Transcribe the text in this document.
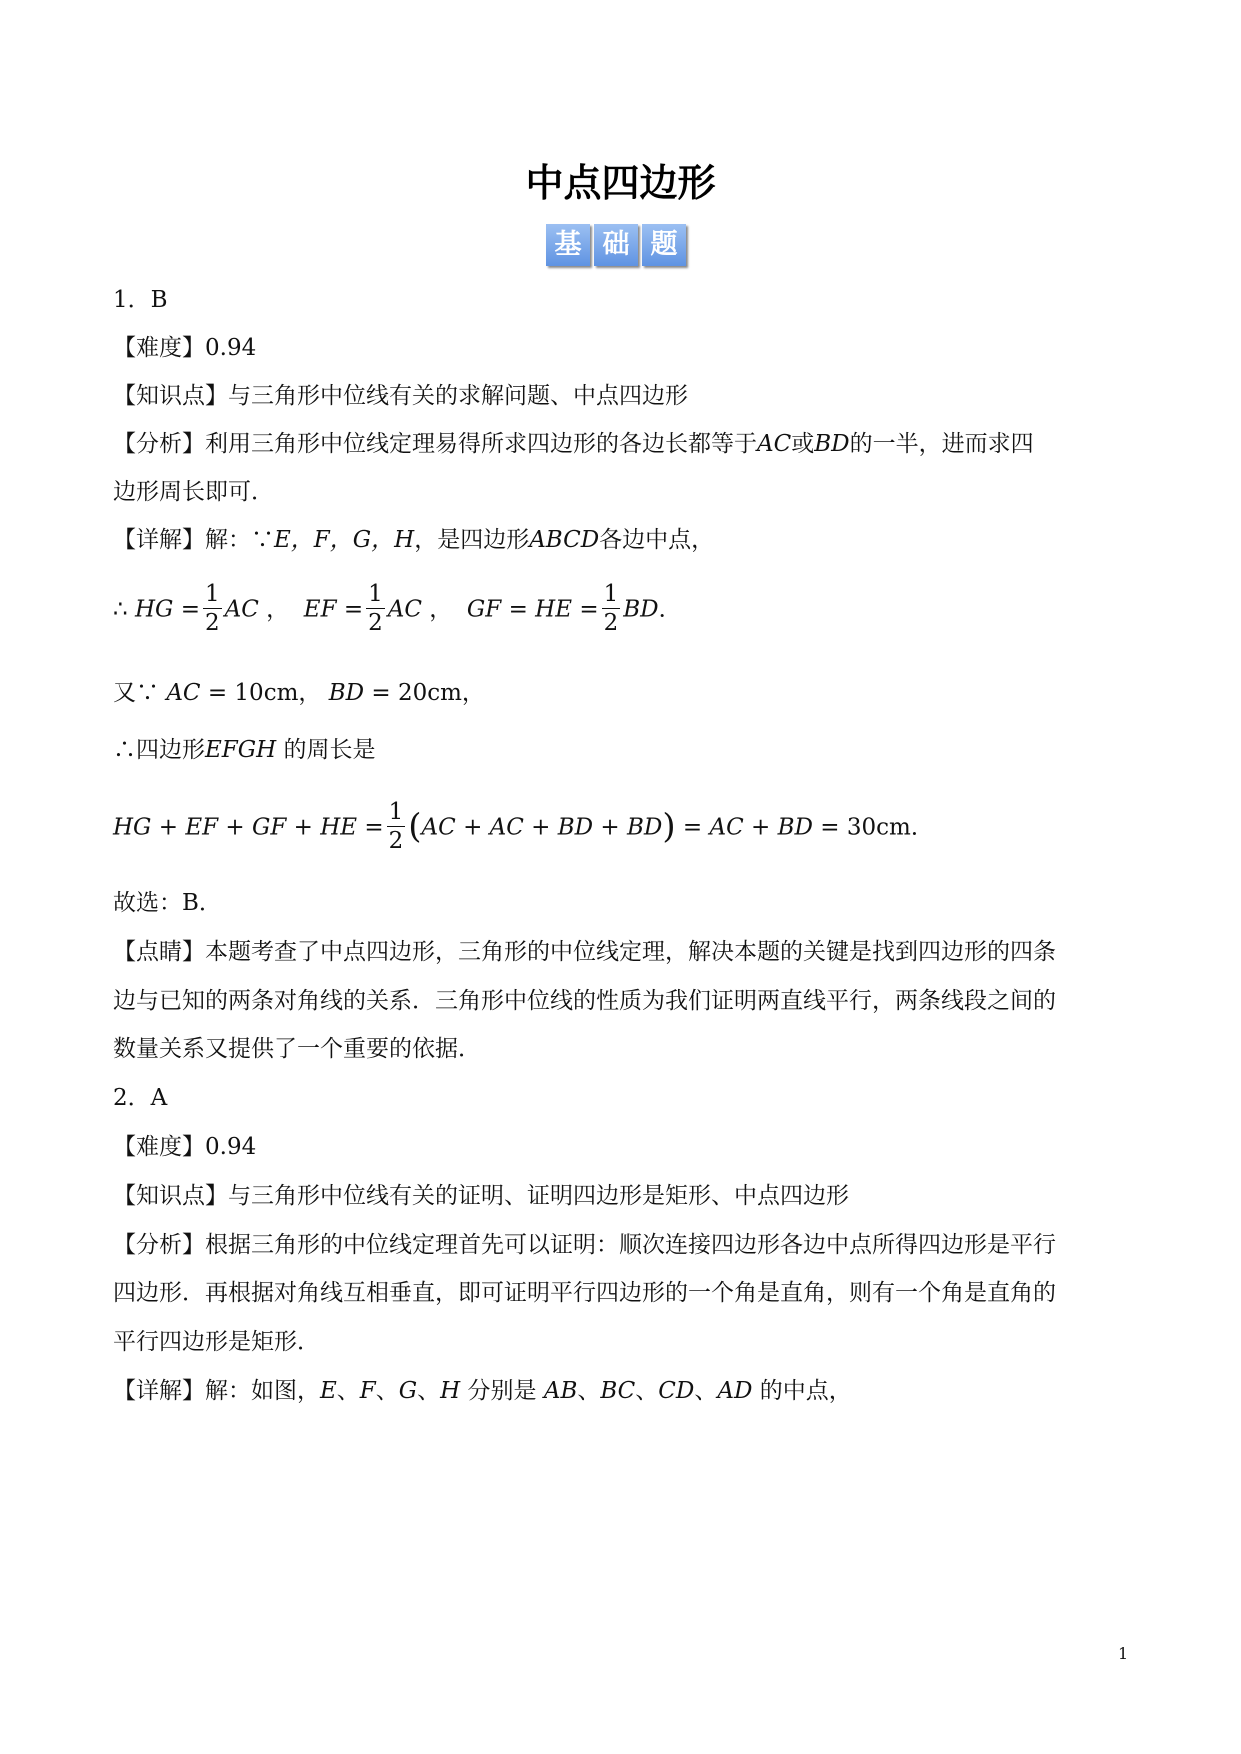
中点四边形
基 础 题
1．B
【难度】0.94
【知识点】与三角形中位线有关的求解问题、中点四边形
【分析】利用三角形中位线定理易得所求四边形的各边长都等于AC或BD的一半，进而求四
边形周长即可．
【详解】解：∵E，F，G，H，是四边形ABCD各边中点，
∴ HG = $\frac{1}{2}$ AC ，  EF = $\frac{1}{2}$ AC ，  GF = HE = $\frac{1}{2}$ BD．
又∵ AC = 10cm， BD = 20cm，
∴四边形EFGH 的周长是
HG + EF + GF + HE = $\frac{1}{2} (AC$ + AC + BD + BD) = AC + BD = 30cm．
故选：B．
【点睛】本题考查了中点四边形，三角形的中位线定理，解决本题的关键是找到四边形的四条
边与已知的两条对角线的关系．三角形中位线的性质为我们证明两直线平行，两条线段之间的
数量关系又提供了一个重要的依据．
2．A
【难度】0.94
【知识点】与三角形中位线有关的证明、证明四边形是矩形、中点四边形
【分析】根据三角形的中位线定理首先可以证明：顺次连接四边形各边中点所得四边形是平行
四边形．再根据对角线互相垂直，即可证明平行四边形的一个角是直角，则有一个角是直角的
平行四边形是矩形．
【详解】解：如图，E、F、G、H 分别是 AB、BC、CD、AD 的中点，
1
